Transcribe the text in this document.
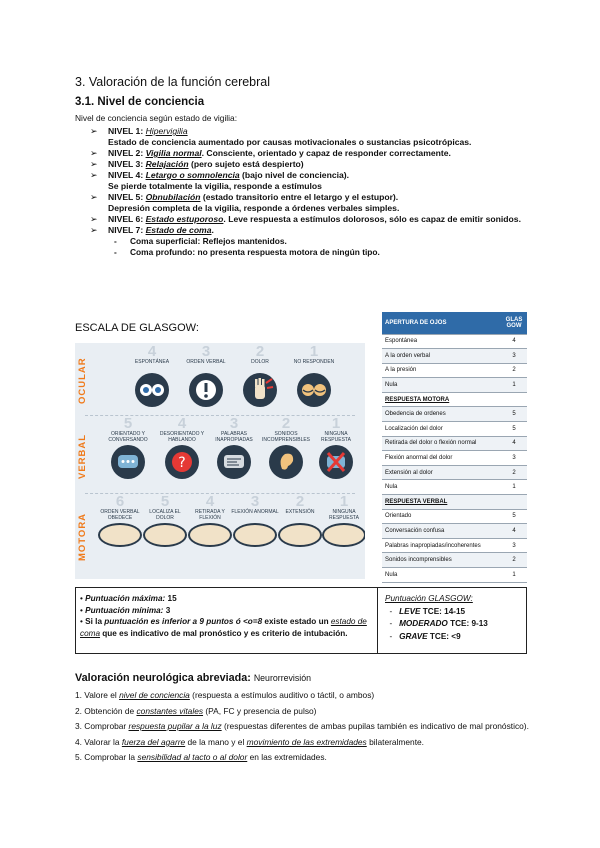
3. Valoración de la función cerebral
3.1. Nivel de conciencia
Nivel de conciencia según estado de vigilia:
➢ NIVEL 1: Hipervigilia
Estado de conciencia aumentado por causas motivacionales o sustancias psicotrópicas.
➢ NIVEL 2: Vigilia normal. Consciente, orientado y capaz de responder correctamente.
➢ NIVEL 3: Relajación (pero sujeto está despierto)
➢ NIVEL 4: Letargo o somnolencia (bajo nivel de conciencia).
Se pierde totalmente la vigilia, responde a estímulos
➢ NIVEL 5: Obnubilación (estado transitorio entre el letargo y el estupor).
Depresión completa de la vigilia, responde a órdenes verbales simples.
➢ NIVEL 6: Estado estuporoso. Leve respuesta a estímulos dolorosos, sólo es capaz de emitir sonidos.
➢ NIVEL 7: Estado de coma.
- Coma superficial: Reflejos mantenidos.
- Coma profundo: no presenta respuesta motora de ningún tipo.
ESCALA DE GLASGOW:
OCULAR
4
ESPONTÁNEA
3
ORDEN VERBAL
2
DOLOR
1
NO RESPONDEN
VERBAL
5
ORIENTADO Y CONVERSANDO
4
DESORIENTADO Y HABLANDO
?
3
PALABRAS INAPROPIADAS
2
SONIDOS INCOMPRENSIBLES
1
NINGUNA RESPUESTA
MOTORA
6
ORDEN VERBAL OBEDECE
5
LOCALIZA EL DOLOR
4
RETIRADA Y FLEXIÓN
3
FLEXIÓN ANORMAL
2
EXTENSIÓN
1
NINGUNA RESPUESTA
APERTURA DE OJOS	GLAS GOW
Espontánea	4
A la orden verbal	3
A la presión	2
Nula	1
RESPUESTA MOTORA	
Obedencia de ordenes	5
Localización del dolor	5
Retirada del dolor o flexión normal	4
Flexión anormal del dolor	3
Extensión al dolor	2
Nula	1
RESPUESTA VERBAL	
Orientado	5
Conversación confusa	4
Palabras inapropiadas/incoherentes	3
Sonidos incomprensibles	2
Nula	1
• Puntuación máxima: 15
• Puntuación mínima: 3
• Si la puntuación es inferior a 9 puntos ó <o=8 existe estado un estado de coma que es indicativo de mal pronóstico y es criterio de intubación.
Puntuación GLASGOW:
-   LEVE TCE: 14-15
-   MODERADO TCE: 9-13
-   GRAVE TCE: <9
Valoración neurológica abreviada: Neurorrevisión
1. Valore el nivel de conciencia (respuesta a estímulos auditivo o táctil, o ambos)
2. Obtención de constantes vitales (PA, FC y presencia de pulso)
3. Comprobar respuesta pupilar a la luz (respuestas diferentes de ambas pupilas también es indicativo de mal pronóstico).
4. Valorar la fuerza del agarre de la mano y el movimiento de las extremidades bilateralmente.
5. Comprobar la sensibilidad al tacto o al dolor en las extremidades.
